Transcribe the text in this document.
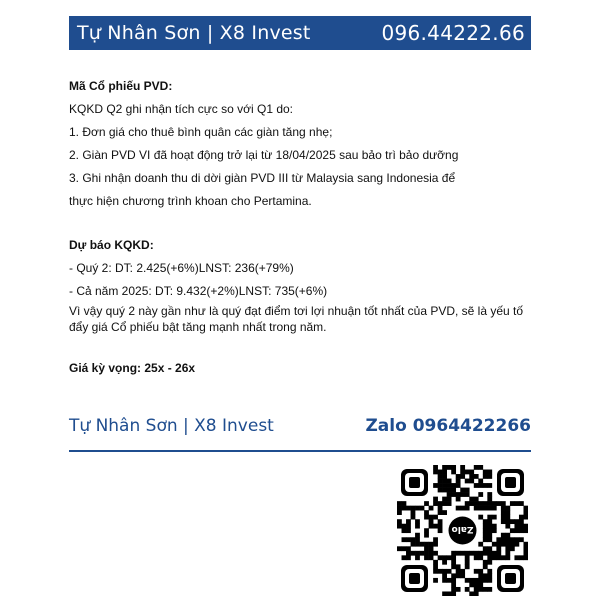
Tự Nhân Sơn | X8 Invest	096.44222.66

Mã Cổ phiếu PVD:

KQKD Q2 ghi nhận tích cực so với Q1 do:

1. Đơn giá cho thuê bình quân các giàn tăng nhẹ;

2. Giàn PVD VI đã hoạt động trở lại từ 18/04/2025 sau bảo trì bảo dưỡng

3. Ghi nhận doanh thu di dời giàn PVD III từ Malaysia sang Indonesia để

thực hiện chương trình khoan cho Pertamina.

Dự báo KQKD:

- Quý 2: DT: 2.425(+6%)LNST: 236(+79%)

- Cả năm 2025: DT: 9.432(+2%)LNST: 735(+6%)

Vì vậy quý 2 này gần như là quý đạt điểm tơi lợi nhuận tốt nhất của PVD, sẽ là yếu tố

đẩy giá Cổ phiếu bật tăng mạnh nhất trong năm.

Giá kỳ vọng: 25x - 26x

Tự Nhân Sơn | X8 Invest	Zalo 0964422266
Zalo
